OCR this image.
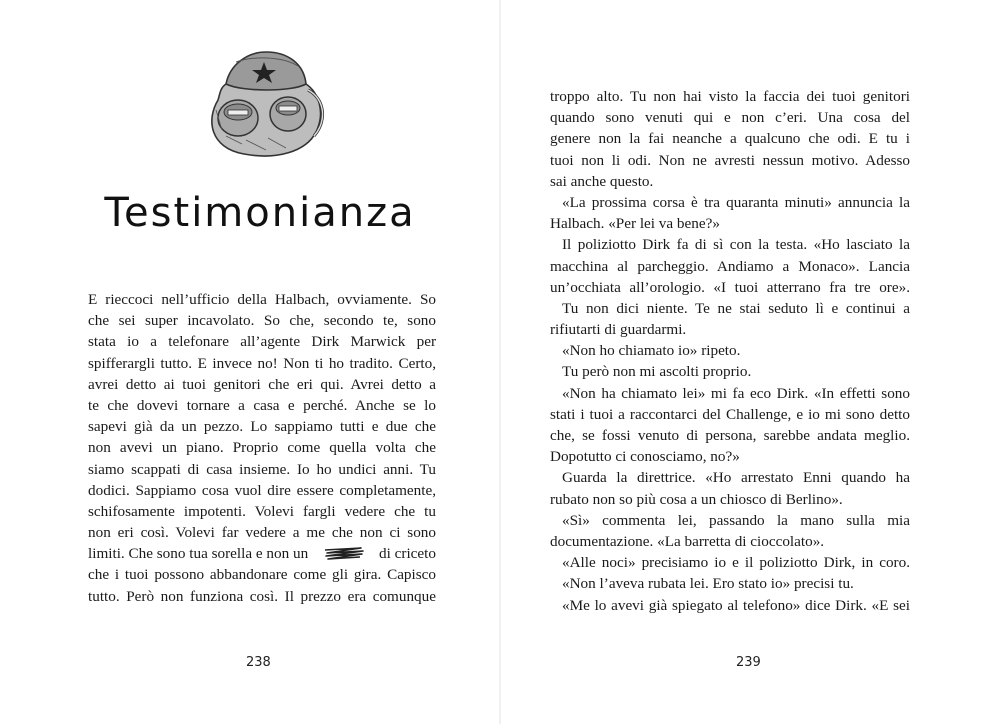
Testimonianza
E rieccoci nell’ufficio della Halbach, ovviamente. So
che sei super incavolato. So che, secondo te, sono
stata io a telefonare all’agente Dirk Marwick per
spifferargli tutto. E invece no! Non ti ho tradito. Certo,
avrei detto ai tuoi genitori che eri qui. Avrei detto a
te che dovevi tornare a casa e perché. Anche se lo
sapevi già da un pezzo. Lo sappiamo tutti e due che
non avevi un piano. Proprio come quella volta che
siamo scappati di casa insieme. Io ho undici anni. Tu
dodici. Sappiamo cosa vuol dire essere completamente,
schifosamente impotenti. Volevi fargli vedere che tu
non eri così. Volevi far vedere a me che non ci sono
limiti. Che sono tua sorella e non un	di criceto
che i tuoi possono abbandonare come gli gira. Capisco
tutto. Però non funziona così. Il prezzo era comunque
238
troppo alto. Tu non hai visto la faccia dei tuoi genitori
quando sono venuti qui e non c’eri. Una cosa del
genere non la fai neanche a qualcuno che odi. E tu i
tuoi non li odi. Non ne avresti nessun motivo. Adesso
sai anche questo.
«La prossima corsa è tra quaranta minuti» annuncia la
Halbach. «Per lei va bene?»
Il poliziotto Dirk fa di sì con la testa. «Ho lasciato la
macchina al parcheggio. Andiamo a Monaco». Lancia
un’occhiata all’orologio. «I tuoi atterrano fra tre ore».
Tu non dici niente. Te ne stai seduto lì e continui a
rifiutarti di guardarmi.
«Non ho chiamato io» ripeto.
Tu però non mi ascolti proprio.
«Non ha chiamato lei» mi fa eco Dirk. «In effetti sono
stati i tuoi a raccontarci del Challenge, e io mi sono detto
che, se fossi venuto di persona, sarebbe andata meglio.
Dopotutto ci conosciamo, no?»
Guarda la direttrice. «Ho arrestato Enni quando ha
rubato non so più cosa a un chiosco di Berlino».
«Sì» commenta lei, passando la mano sulla mia
documentazione. «La barretta di cioccolato».
«Alle noci» precisiamo io e il poliziotto Dirk, in coro.
«Non l’aveva rubata lei. Ero stato io» precisi tu.
«Me lo avevi già spiegato al telefono» dice Dirk. «E sei
239
